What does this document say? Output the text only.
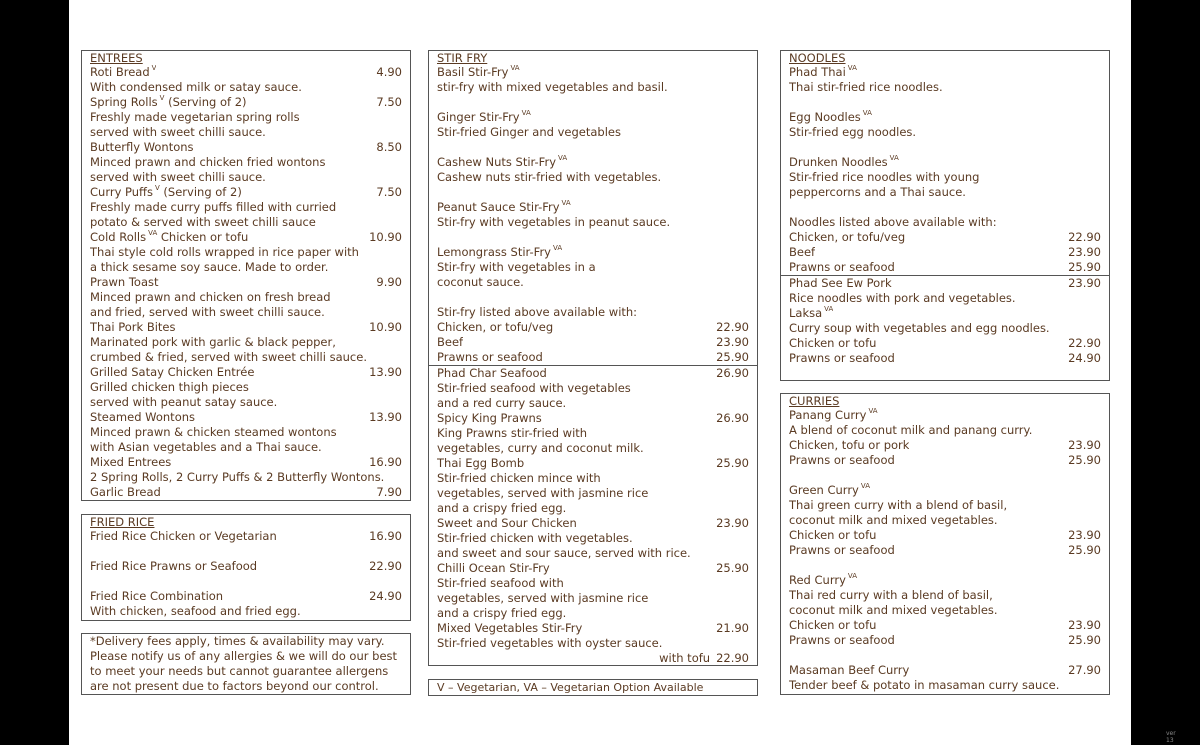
ENTREES
Roti Bread $^V$	4.90
With condensed milk or satay sauce.
Spring Rolls $^V$ (Serving of 2)	7.50
Freshly made vegetarian spring rolls
served with sweet chilli sauce.
Butterfly Wontons	8.50
Minced prawn and chicken fried wontons
served with sweet chilli sauce.
Curry Puffs $^V$ (Serving of 2)	7.50
Freshly made curry puffs filled with curried
potato & served with sweet chilli sauce
Cold Rolls $^{VA}$ Chicken or tofu	10.90
Thai style cold rolls wrapped in rice paper with
a thick sesame soy sauce. Made to order.
Prawn Toast	9.90
Minced prawn and chicken on fresh bread
and fried, served with sweet chilli sauce.
Thai Pork Bites	10.90
Marinated pork with garlic & black pepper,
crumbed & fried, served with sweet chilli sauce.
Grilled Satay Chicken Entrée	13.90
Grilled chicken thigh pieces
served with peanut satay sauce.
Steamed Wontons	13.90
Minced prawn & chicken steamed wontons
with Asian vegetables and a Thai sauce.
Mixed Entrees	16.90
2 Spring Rolls, 2 Curry Puffs & 2 Butterfly Wontons.
Garlic Bread	7.90
FRIED RICE
Fried Rice Chicken or Vegetarian	16.90
Fried Rice Prawns or Seafood	22.90
Fried Rice Combination	24.90
With chicken, seafood and fried egg.
*Delivery fees apply, times & availability may vary.
Please notify us of any allergies & we will do our best
to meet your needs but cannot guarantee allergens
are not present due to factors beyond our control.
STIR FRY
Basil Stir-Fry $^{VA}$
stir-fry with mixed vegetables and basil.
Ginger Stir-Fry $^{VA}$
Stir-fried Ginger and vegetables
Cashew Nuts Stir-Fry $^{VA}$
Cashew nuts stir-fried with vegetables.
Peanut Sauce Stir-Fry $^{VA}$
Stir-fry with vegetables in peanut sauce.
Lemongrass Stir-Fry $^{VA}$
Stir-fry with vegetables in a
coconut sauce.
Stir-fry listed above available with:
Chicken, or tofu/veg	22.90
Beef	23.90
Prawns or seafood	25.90
Phad Char Seafood	26.90
Stir-fried seafood with vegetables
and a red curry sauce.
Spicy King Prawns	26.90
King Prawns stir-fried with
vegetables, curry and coconut milk.
Thai Egg Bomb	25.90
Stir-fried chicken mince with
vegetables, served with jasmine rice
and a crispy fried egg.
Sweet and Sour Chicken	23.90
Stir-fried chicken with vegetables.
and sweet and sour sauce, served with rice.
Chilli Ocean Stir-Fry	25.90
Stir-fried seafood with
vegetables, served with jasmine rice
and a crispy fried egg.
Mixed Vegetables Stir-Fry	21.90
Stir-fried vegetables with oyster sauce.
with tofu 22.90
V – Vegetarian, VA – Vegetarian Option Available
NOODLES
Phad Thai $^{VA}$
Thai stir-fried rice noodles.
Egg Noodles $^{VA}$
Stir-fried egg noodles.
Drunken Noodles $^{VA}$
Stir-fried rice noodles with young
peppercorns and a Thai sauce.
Noodles listed above available with:
Chicken, or tofu/veg	22.90
Beef	23.90
Prawns or seafood	25.90
Phad See Ew Pork	23.90
Rice noodles with pork and vegetables.
Laksa $^{VA}$
Curry soup with vegetables and egg noodles.
Chicken or tofu	22.90
Prawns or seafood	24.90
CURRIES
Panang Curry $^{VA}$
A blend of coconut milk and panang curry.
Chicken, tofu or pork	23.90
Prawns or seafood	25.90
Green Curry $^{VA}$
Thai green curry with a blend of basil,
coconut milk and mixed vegetables.
Chicken or tofu	23.90
Prawns or seafood	25.90
Red Curry $^{VA}$
Thai red curry with a blend of basil,
coconut milk and mixed vegetables.
Chicken or tofu	23.90
Prawns or seafood	25.90
Masaman Beef Curry	27.90
Tender beef & potato in masaman curry sauce.
ver 13
